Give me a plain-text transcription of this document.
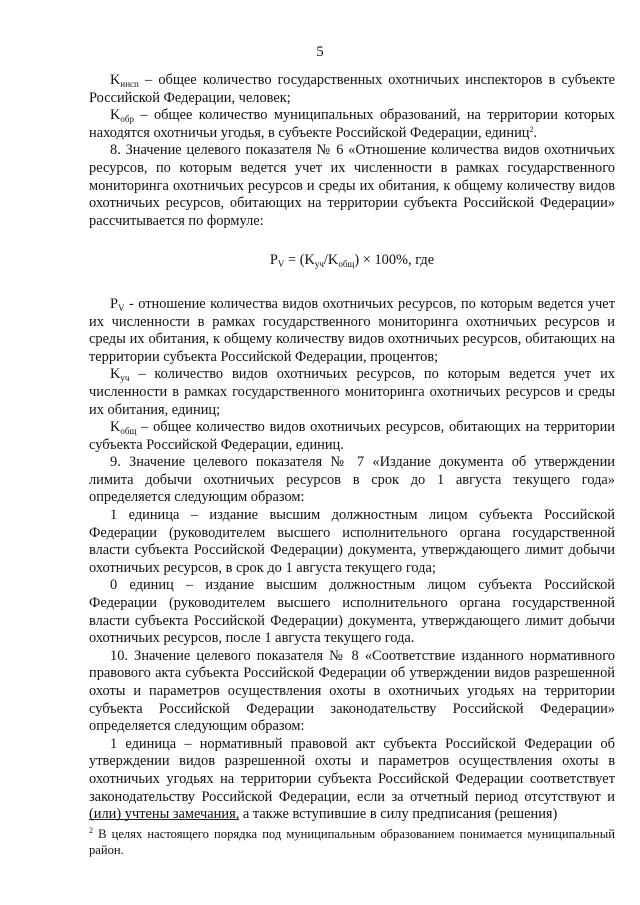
5

$K_{инсп}$ – общее количество государственных охотничьих инспекторов в субъекте Российской Федерации, человек;

$K_{обр}$ – общее количество муниципальных образований, на территории которых находятся охотничьи угодья, в субъекте Российской Федерации, единиц$^2$.

8. Значение целевого показателя № 6 «Отношение количества видов охотничьих ресурсов, по которым ведется учет их численности в рамках государственного мониторинга охотничьих ресурсов и среды их обитания, к общему количеству видов охотничьих ресурсов, обитающих на территории субъекта Российской Федерации» рассчитывается по формуле:

$P_V = (K_{уч}/K_{общ}) \times 100\%$, где

$P_V$ - отношение количества видов охотничьих ресурсов, по которым ведется учет их численности в рамках государственного мониторинга охотничьих ресурсов и среды их обитания, к общему количеству видов охотничьих ресурсов, обитающих на территории субъекта Российской Федерации, процентов;

$K_{уч}$ – количество видов охотничьих ресурсов, по которым ведется учет их численности в рамках государственного мониторинга охотничьих ресурсов и среды их обитания, единиц;

$K_{общ}$ – общее количество видов охотничьих ресурсов, обитающих на территории субъекта Российской Федерации, единиц.

9. Значение целевого показателя № 7 «Издание документа об утверждении лимита добычи охотничьих ресурсов в срок до 1 августа текущего года» определяется следующим образом:

1 единица – издание высшим должностным лицом субъекта Российской Федерации (руководителем высшего исполнительного органа государственной власти субъекта Российской Федерации) документа, утверждающего лимит добычи охотничьих ресурсов, в срок до 1 августа текущего года;

0 единиц – издание высшим должностным лицом субъекта Российской Федерации (руководителем высшего исполнительного органа государственной власти субъекта Российской Федерации) документа, утверждающего лимит добычи охотничьих ресурсов, после 1 августа текущего года.

10. Значение целевого показателя № 8 «Соответствие изданного нормативного правового акта субъекта Российской Федерации об утверждении видов разрешенной охоты и параметров осуществления охоты в охотничьих угодьях на территории субъекта Российской Федерации законодательству Российской Федерации» определяется следующим образом:

1 единица – нормативный правовой акт субъекта Российской Федерации об утверждении видов разрешенной охоты и параметров осуществления охоты в охотничьих угодьях на территории субъекта Российской Федерации соответствует законодательству Российской Федерации, если за отчетный период отсутствуют и (или) учтены замечания, а также вступившие в силу предписания (решения)

$^2$ В целях настоящего порядка под муниципальным образованием понимается муниципальный район.
